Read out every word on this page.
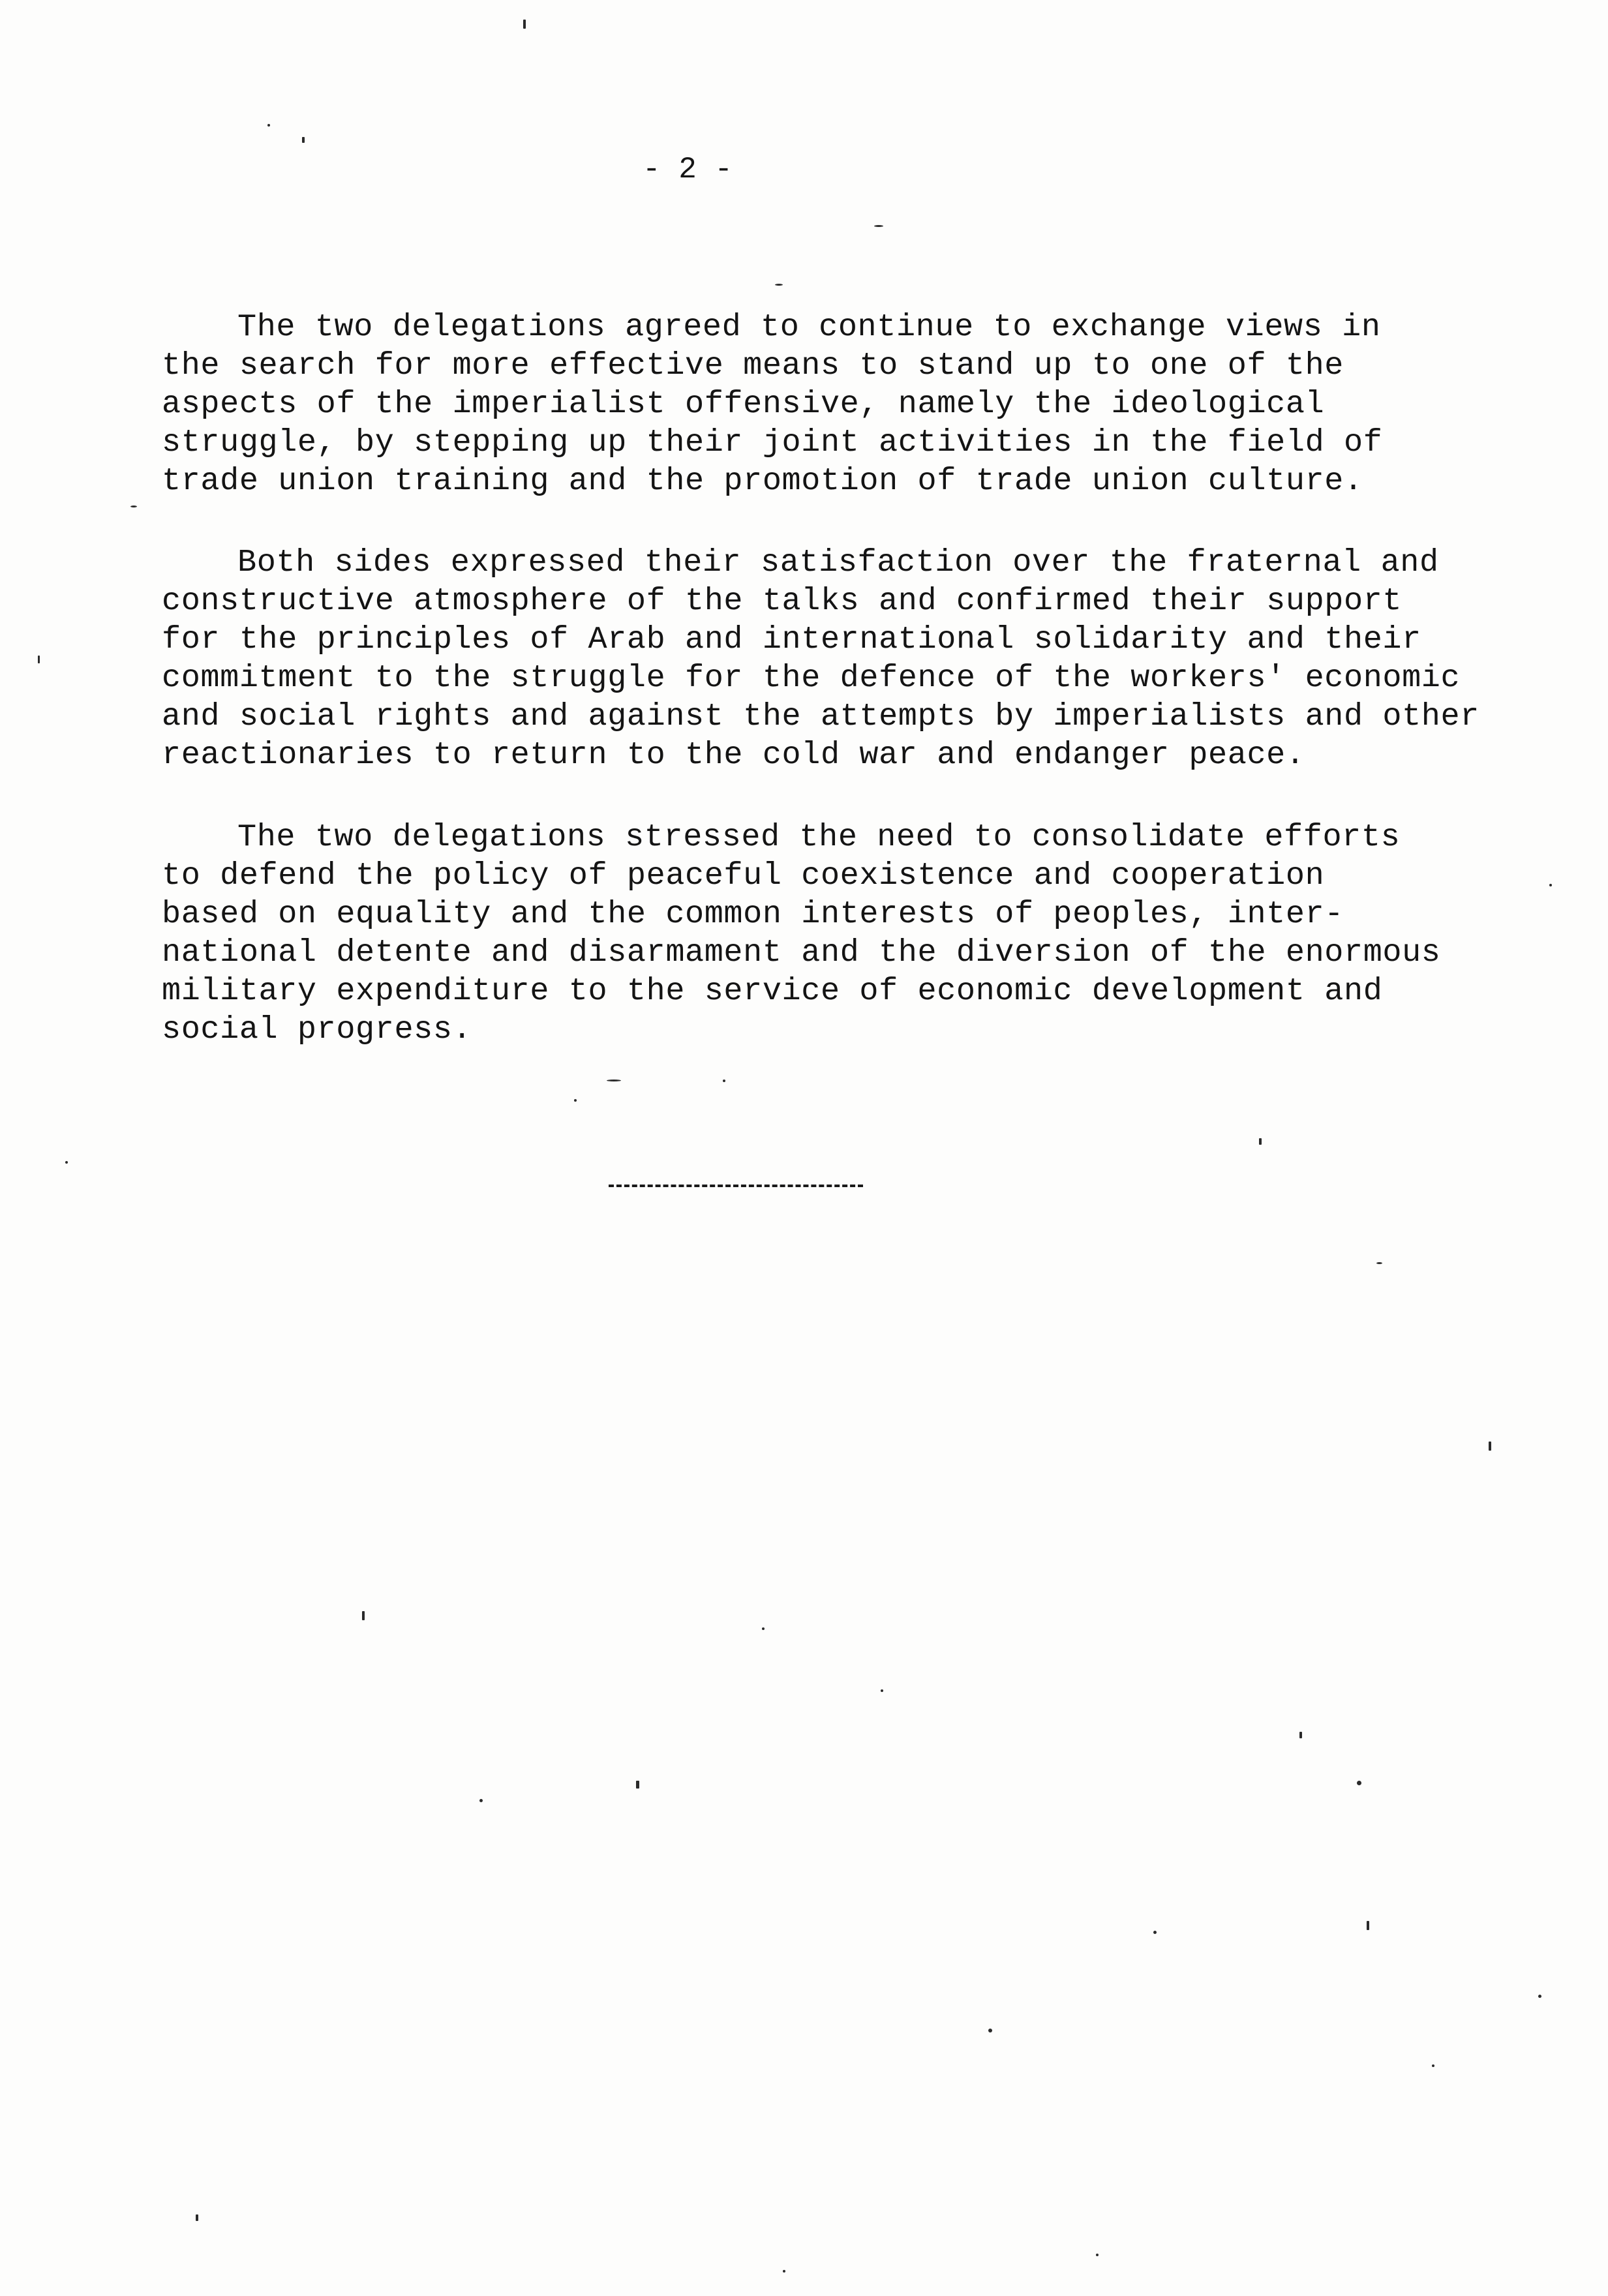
- 2 -
The two delegations agreed to continue to exchange views in
the search for more effective means to stand up to one of the
aspects of the imperialist offensive, namely the ideological
struggle, by stepping up their joint activities in the field of
trade union training and the promotion of trade union culture.
Both sides expressed their satisfaction over the fraternal and
constructive atmosphere of the talks and confirmed their support
for the principles of Arab and international solidarity and their
commitment to the struggle for the defence of the workers' economic
and social rights and against the attempts by imperialists and other
reactionaries to return to the cold war and endanger peace.
The two delegations stressed the need to consolidate efforts
to defend the policy of peaceful coexistence and cooperation
based on equality and the common interests of peoples, inter-
national detente and disarmament and the diversion of the enormous
military expenditure to the service of economic development and
social progress.
